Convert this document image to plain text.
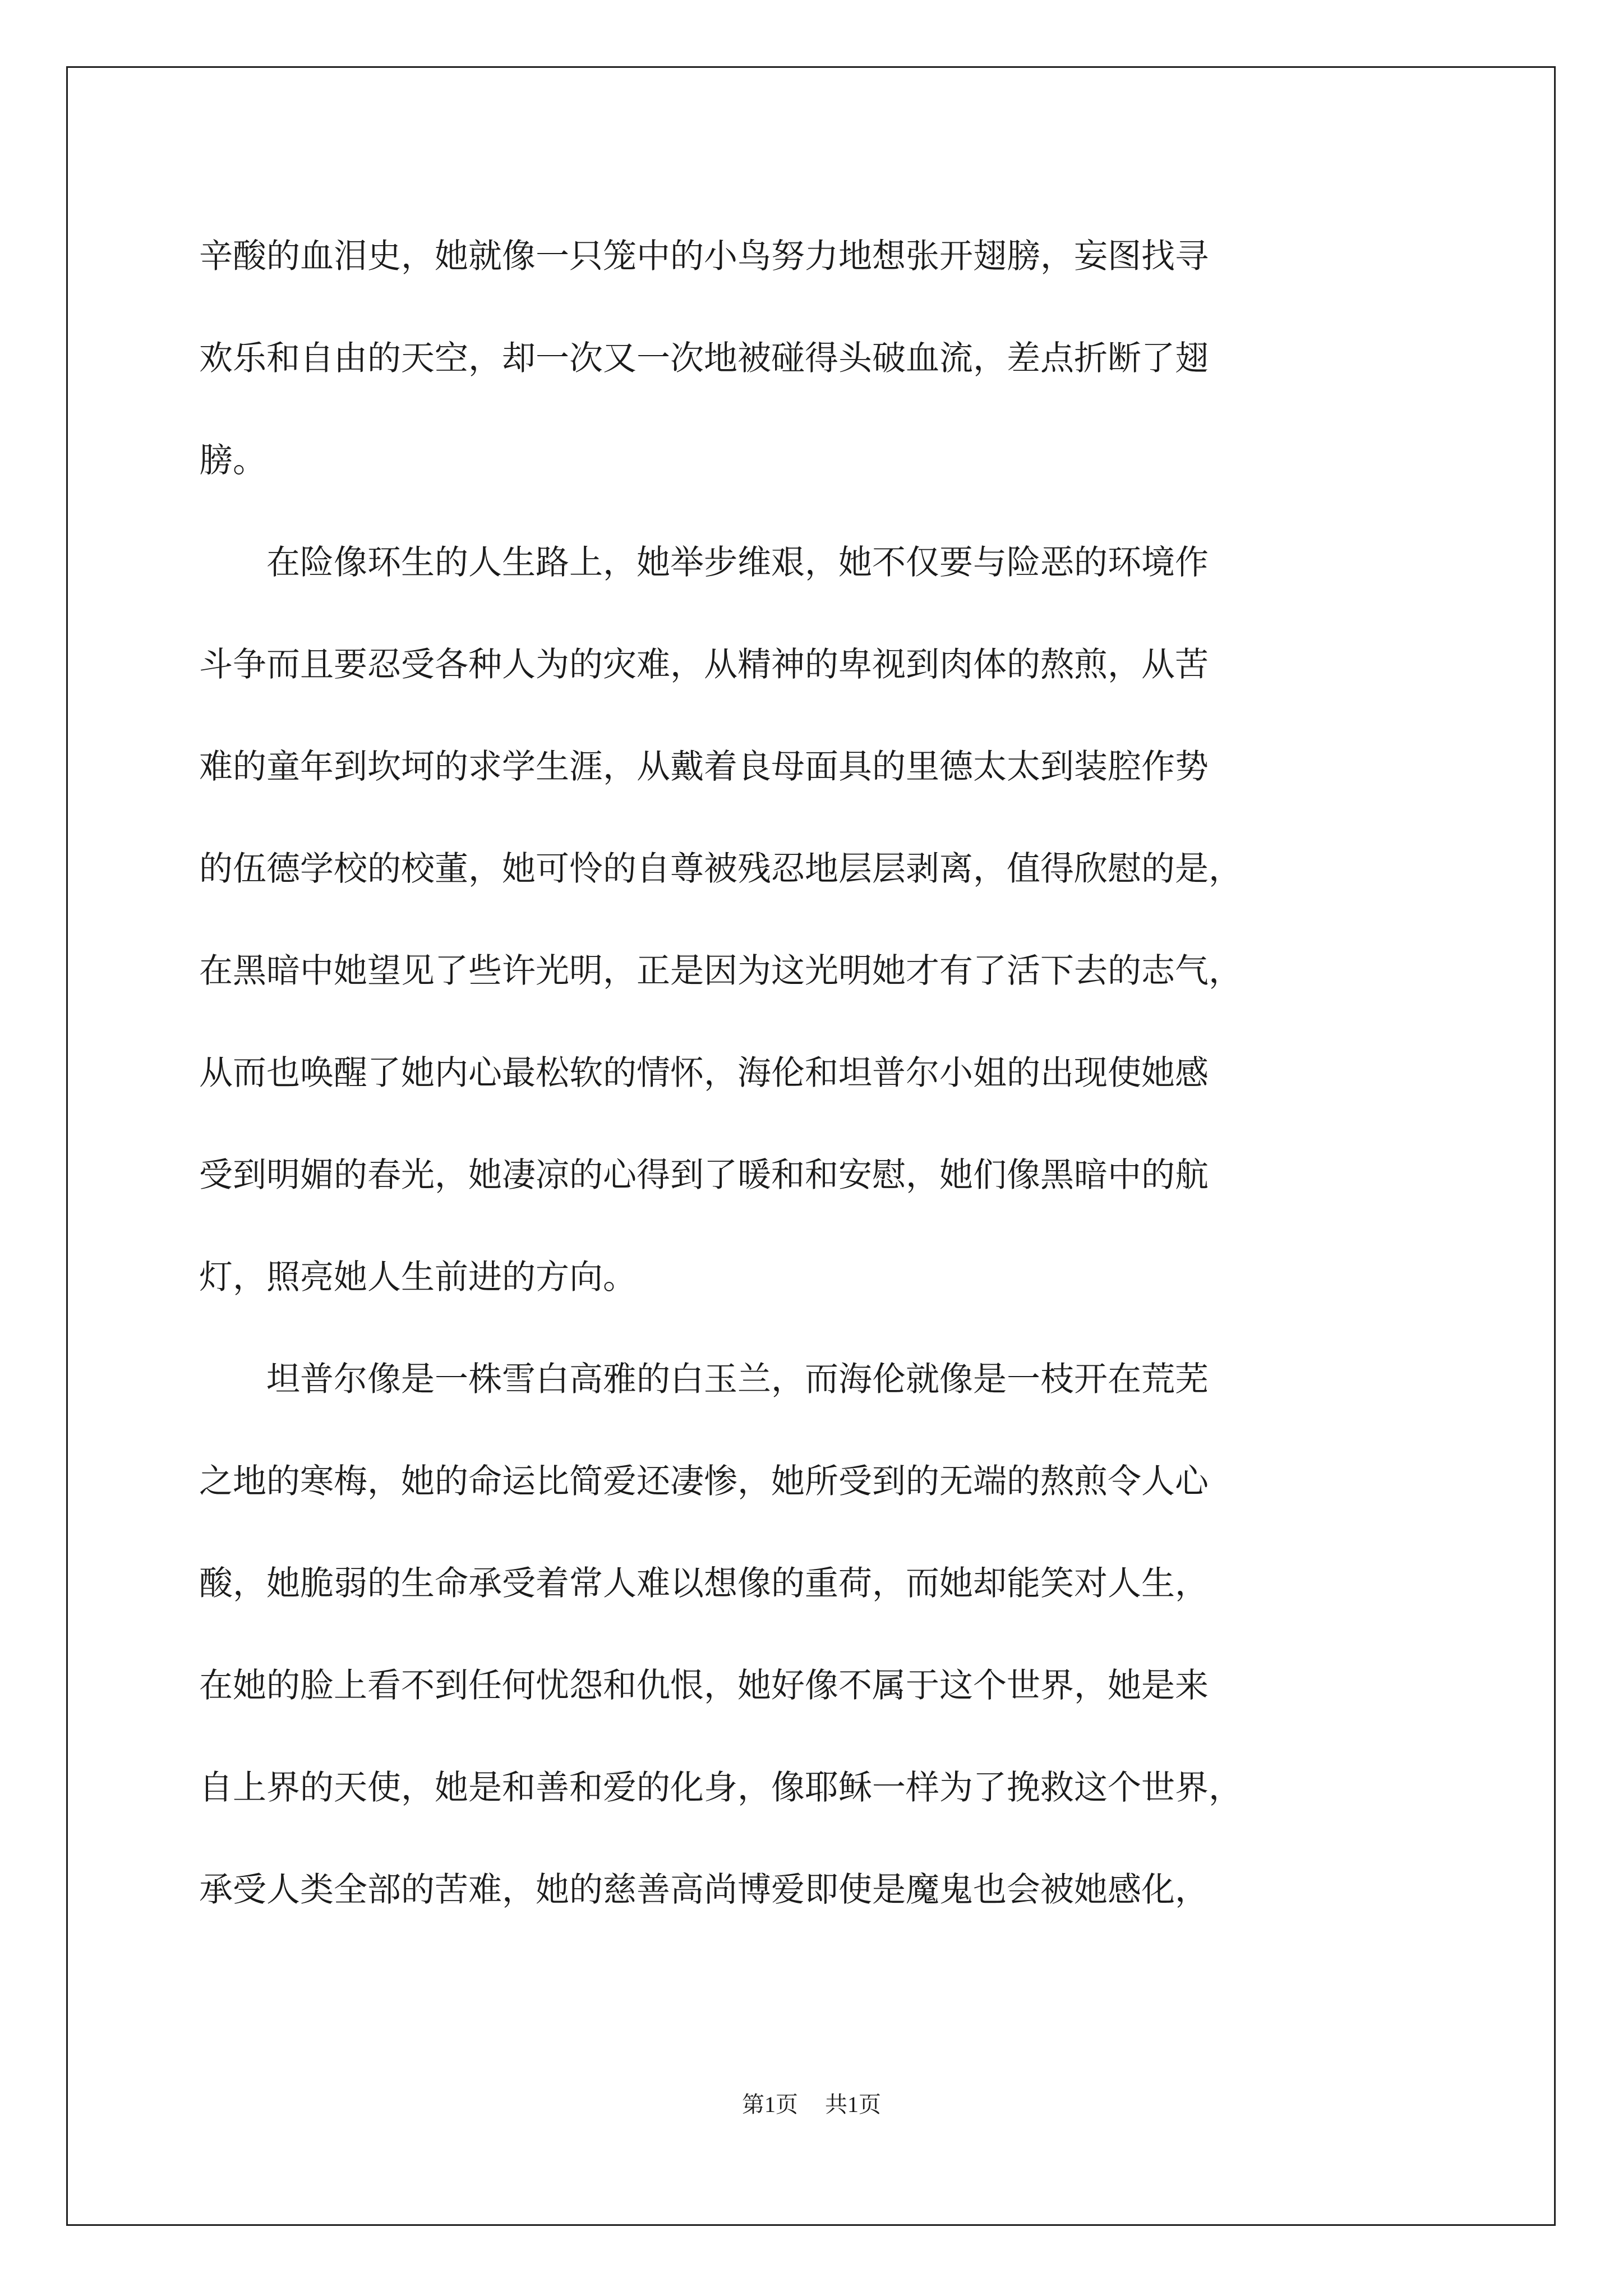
辛酸的血泪史，她就像一只笼中的小鸟努力地想张开翅膀，妄图找寻
欢乐和自由的天空，却一次又一次地被碰得头破血流，差点折断了翅
膀。
　　在险像环生的人生路上，她举步维艰，她不仅要与险恶的环境作
斗争而且要忍受各种人为的灾难，从精神的卑视到肉体的熬煎，从苦
难的童年到坎坷的求学生涯，从戴着良母面具的里德太太到装腔作势
的伍德学校的校董，她可怜的自尊被残忍地层层剥离，值得欣慰的是，
在黑暗中她望见了些许光明，正是因为这光明她才有了活下去的志气，
从而也唤醒了她内心最松软的情怀，海伦和坦普尔小姐的出现使她感
受到明媚的春光，她凄凉的心得到了暖和和安慰，她们像黑暗中的航
灯，照亮她人生前进的方向。
　　坦普尔像是一株雪白高雅的白玉兰，而海伦就像是一枝开在荒芜
之地的寒梅，她的命运比简爱还凄惨，她所受到的无端的熬煎令人心
酸，她脆弱的生命承受着常人难以想像的重荷，而她却能笑对人生，
在她的脸上看不到任何忧怨和仇恨，她好像不属于这个世界，她是来
自上界的天使，她是和善和爱的化身，像耶稣一样为了挽救这个世界，
承受人类全部的苦难，她的慈善高尚博爱即使是魔鬼也会被她感化，
第1页 共1页
